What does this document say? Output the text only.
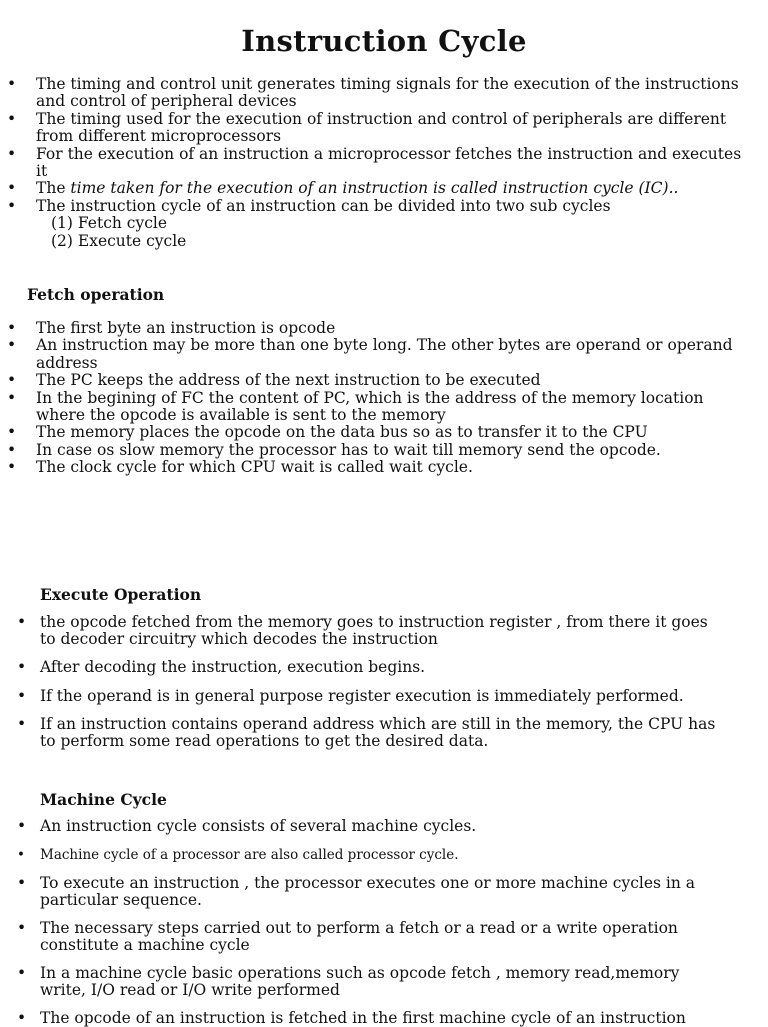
Instruction Cycle
• The timing and control unit generates timing signals for the execution of the instructions and control of peripheral devices
• The timing used for the execution of instruction and control of peripherals are different from different microprocessors
• For the execution of an instruction a microprocessor fetches the instruction and executes it
• The time taken for the execution of an instruction is called instruction cycle (IC)..
• The instruction cycle of an instruction can be divided into two sub cycles
(1) Fetch cycle
(2) Execute cycle
Fetch operation
• The first byte an instruction is opcode
• An instruction may be more than one byte long. The other bytes are operand or operand address
• The PC keeps the address of the next instruction to be executed
• In the begining of FC the content of PC, which is the address of the memory location where the opcode is available is sent to the memory
• The memory places the opcode on the data bus so as to transfer it to the CPU
• In case os slow memory the processor has to wait till memory send the opcode.
• The clock cycle for which CPU wait is called wait cycle.
Execute Operation
• the opcode fetched from the memory goes to instruction register , from there it goes to decoder circuitry which decodes the instruction
• After decoding the instruction, execution begins.
• If the operand is in general purpose register execution is immediately performed.
• If an instruction contains operand address which are still in the memory, the CPU has to perform some read operations to get the desired data.
Machine Cycle
• An instruction cycle consists of several machine cycles.
• Machine cycle of a processor are also called processor cycle.
• To execute an instruction , the processor executes one or more machine cycles in a particular sequence.
• The necessary steps carried out to perform a fetch or a read or a write operation constitute a machine cycle
• In a machine cycle basic operations such as opcode fetch , memory read,memory write, I/O read or I/O write performed
• The opcode of an instruction is fetched in the first machine cycle of an instruction
